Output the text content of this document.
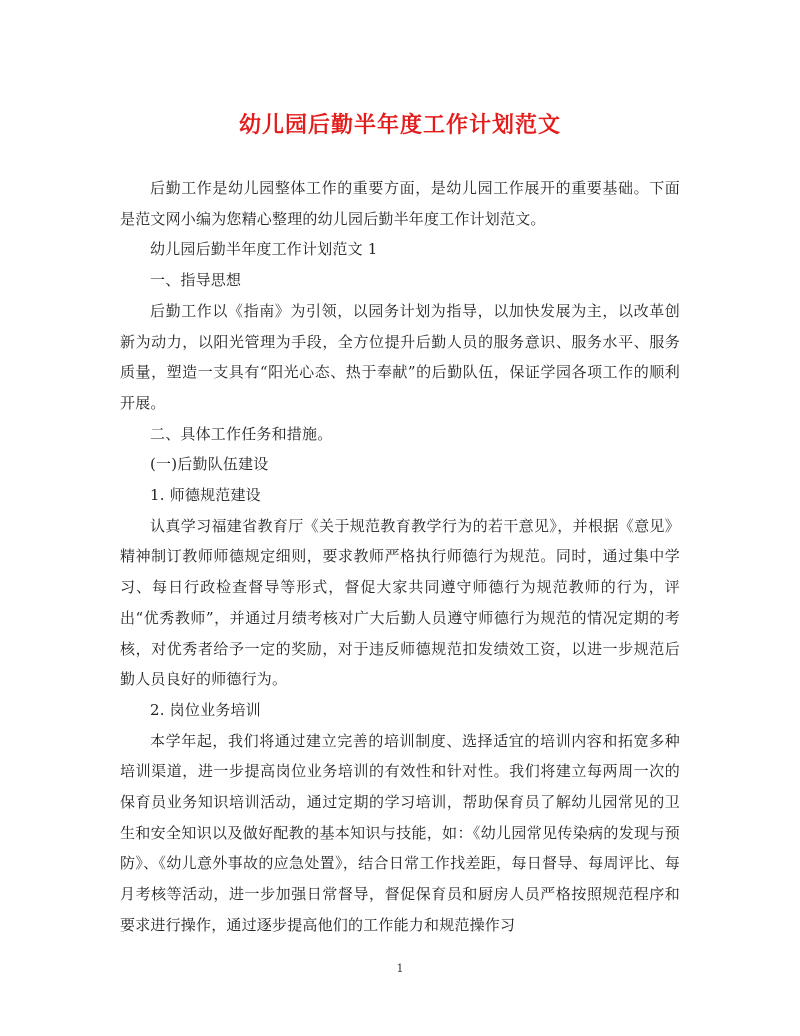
幼儿园后勤半年度工作计划范文

后勤工作是幼儿园整体工作的重要方面，是幼儿园工作展开的重要基础。下面是范文网小编为您精心整理的幼儿园后勤半年度工作计划范文。

幼儿园后勤半年度工作计划范文 1

一、指导思想

后勤工作以《指南》为引领，以园务计划为指导，以加快发展为主，以改革创新为动力，以阳光管理为手段，全方位提升后勤人员的服务意识、服务水平、服务质量，塑造一支具有“阳光心态、热于奉献”的后勤队伍，保证学园各项工作的顺利开展。

二、具体工作任务和措施。

(一)后勤队伍建设

1. 师德规范建设

认真学习福建省教育厅《关于规范教育教学行为的若干意见》，并根据《意见》精神制订教师师德规定细则，要求教师严格执行师德行为规范。同时，通过集中学习、每日行政检查督导等形式，督促大家共同遵守师德行为规范教师的行为，评出“优秀教师”，并通过月绩考核对广大后勤人员遵守师德行为规范的情况定期的考核，对优秀者给予一定的奖励，对于违反师德规范扣发绩效工资，以进一步规范后勤人员良好的师德行为。

2. 岗位业务培训

本学年起，我们将通过建立完善的培训制度、选择适宜的培训内容和拓宽多种培训渠道，进一步提高岗位业务培训的有效性和针对性。我们将建立每两周一次的保育员业务知识培训活动，通过定期的学习培训，帮助保育员了解幼儿园常见的卫生和安全知识以及做好配教的基本知识与技能，如：《幼儿园常见传染病的发现与预防》、《幼儿意外事故的应急处置》，结合日常工作找差距，每日督导、每周评比、每月考核等活动，进一步加强日常督导，督促保育员和厨房人员严格按照规范程序和要求进行操作，通过逐步提高他们的工作能力和规范操作习

1
